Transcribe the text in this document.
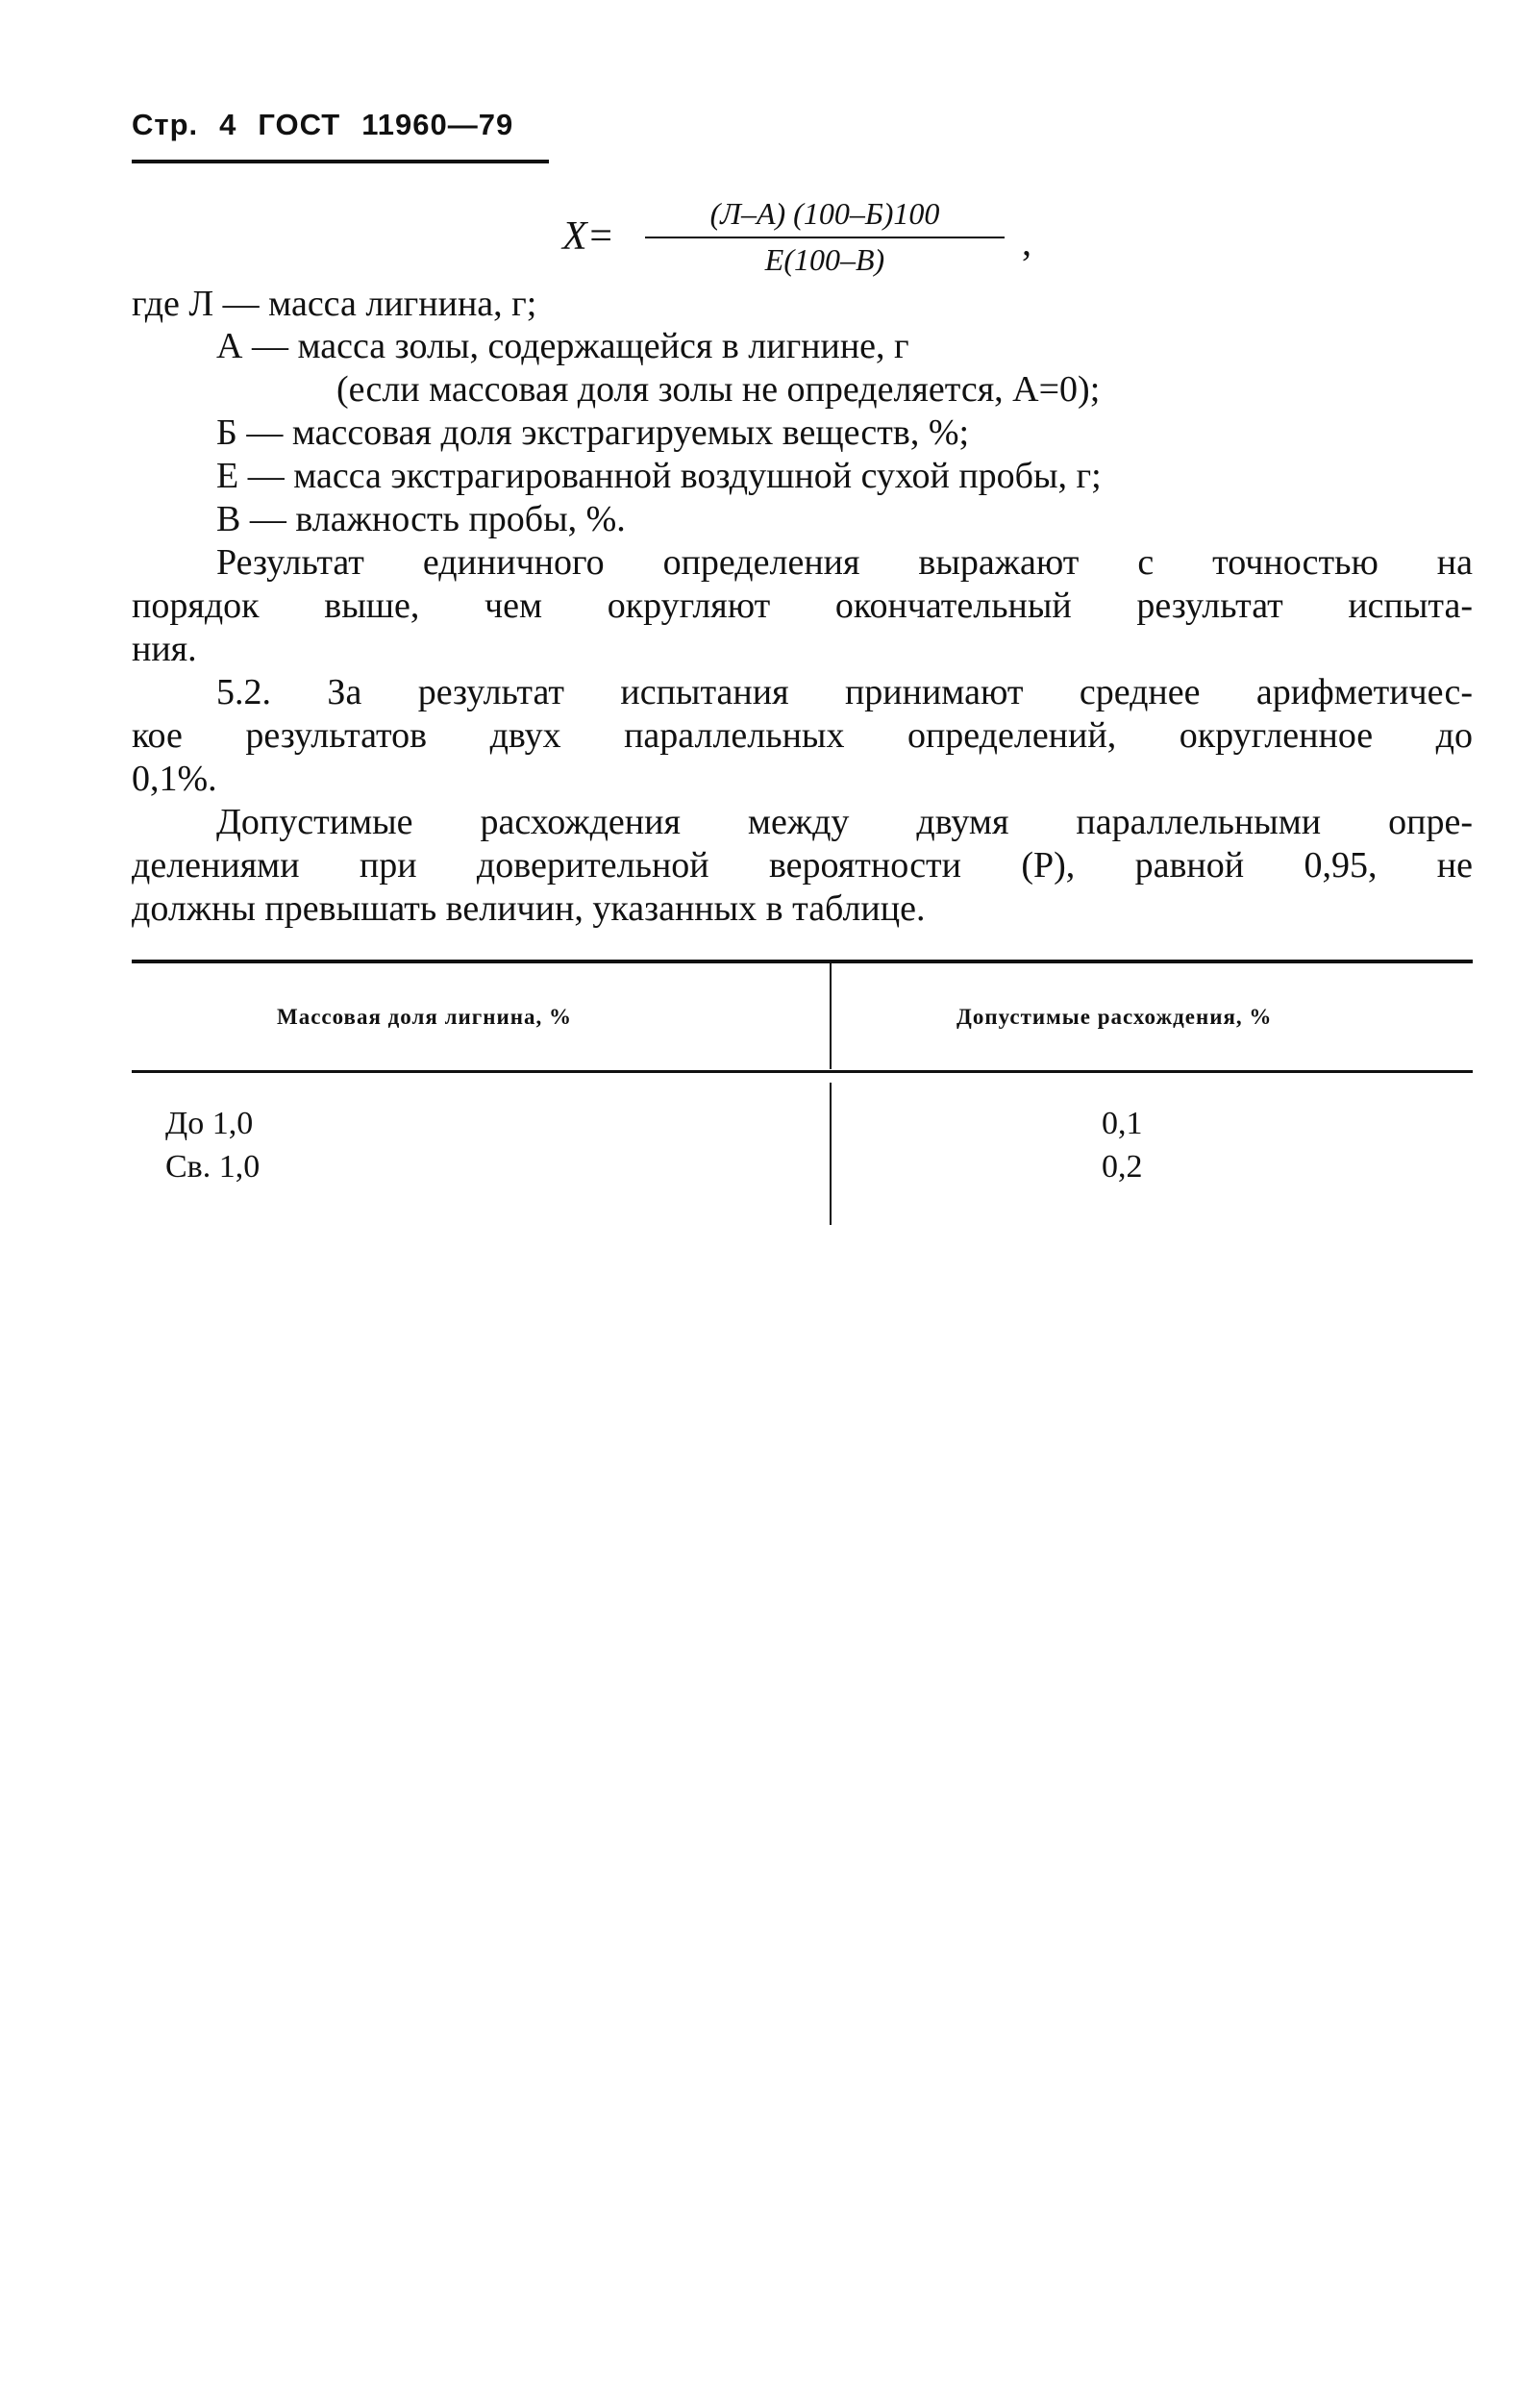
Стр. 4 ГОСТ 11960—79
X=
(Л–А) (100–Б)100
Е(100–В)	,
где Л — масса лигнина, г;
А — масса золы, содержащейся в лигнине, г
(если массовая доля золы не определяется, А=0);
Б — массовая доля экстрагируемых веществ, %;
Е — масса экстрагированной воздушной сухой пробы, г;
В — влажность пробы, %.
Результат единичного определения выражают с точностью на
порядок выше, чем округляют окончательный результат испыта-
ния.
5.2. За результат испытания принимают среднее арифметичес-
кое результатов двух параллельных определений, округленное до
0,1%.
Допустимые расхождения между двумя параллельными опре-
делениями при доверительной вероятности (Р), равной 0,95, не
должны превышать величин, указанных в таблице.
Массовая доля лигнина, %	Допустимые расхождения, %
До 1,0	0,1
Св. 1,0	0,2
